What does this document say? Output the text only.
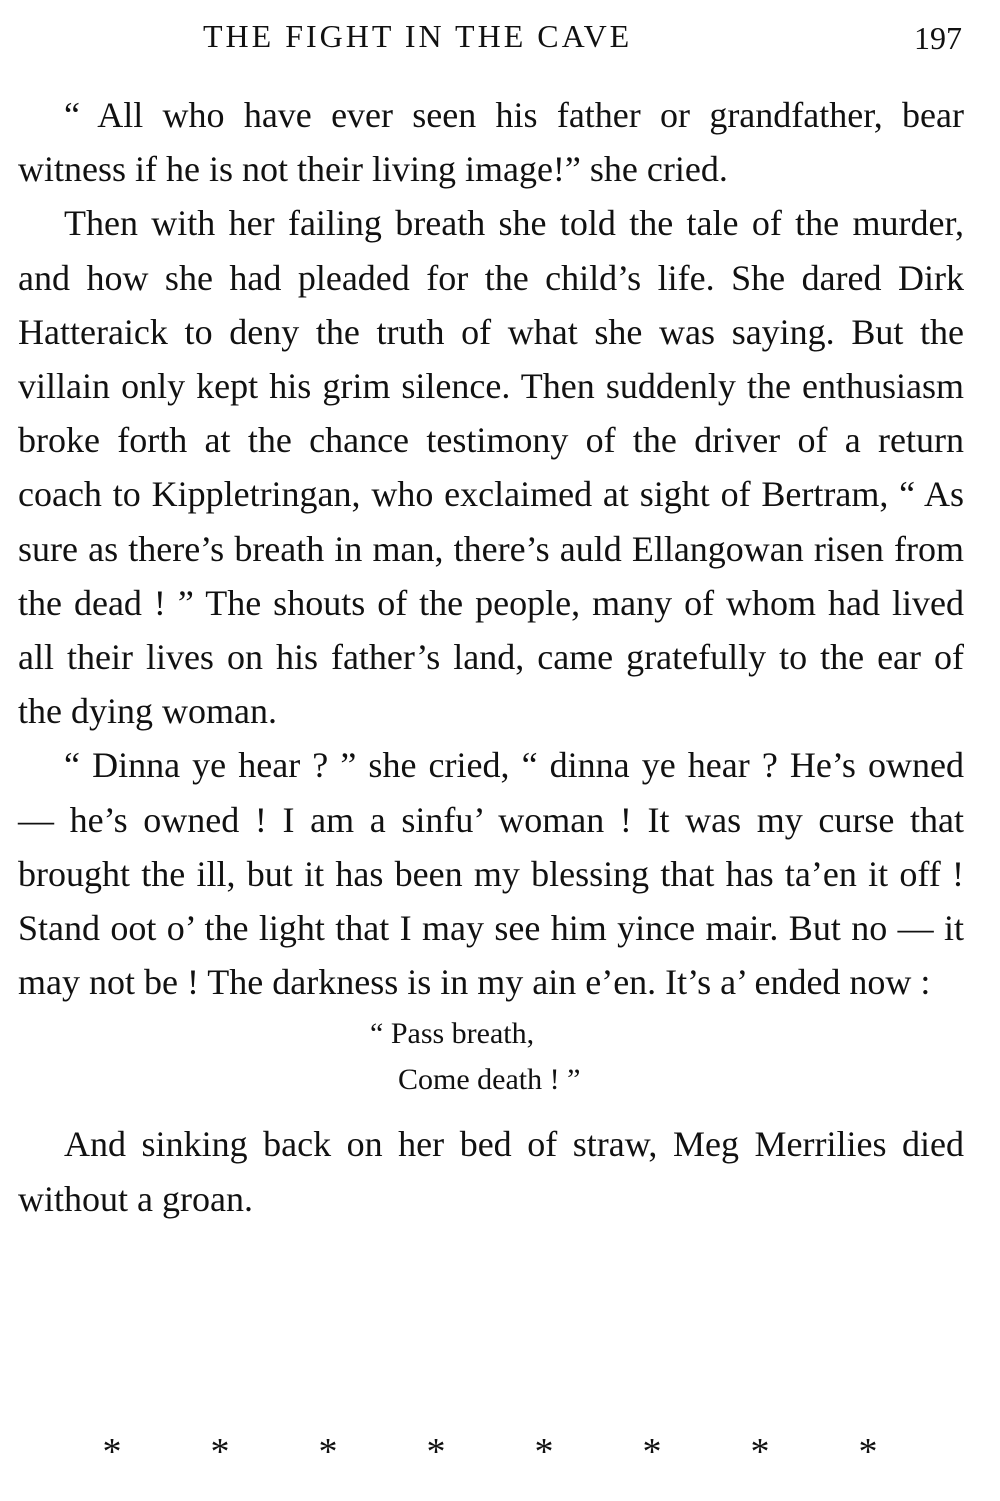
THE FIGHT IN THE CAVE	197

“ All who have ever seen his father or grandfather, bear witness if he is not their living image!” she cried.

Then with her failing breath she told the tale of the murder, and how she had pleaded for the child’s life. She dared Dirk Hatteraick to deny the truth of what she was saying. But the villain only kept his grim silence. Then suddenly the enthusiasm broke forth at the chance testimony of the driver of a return coach to Kippletringan, who exclaimed at sight of Bertram, “ As sure as there’s breath in man, there’s auld Ellangowan risen from the dead ! ” The shouts of the people, many of whom had lived all their lives on his father’s land, came gratefully to the ear of the dying woman.

“ Dinna ye hear ? ” she cried, “ dinna ye hear ? He’s owned — he’s owned ! I am a sinfu’ woman ! It was my curse that brought the ill, but it has been my blessing that has ta’en it off ! Stand oot o’ the light that I may see him yince mair. But no — it may not be ! The darkness is in my ain e’en. It’s a’ ended now :

“ Pass breath,
Come death ! ”

And sinking back on her bed of straw, Meg Merrilies died without a groan.

* * * * * * * *
